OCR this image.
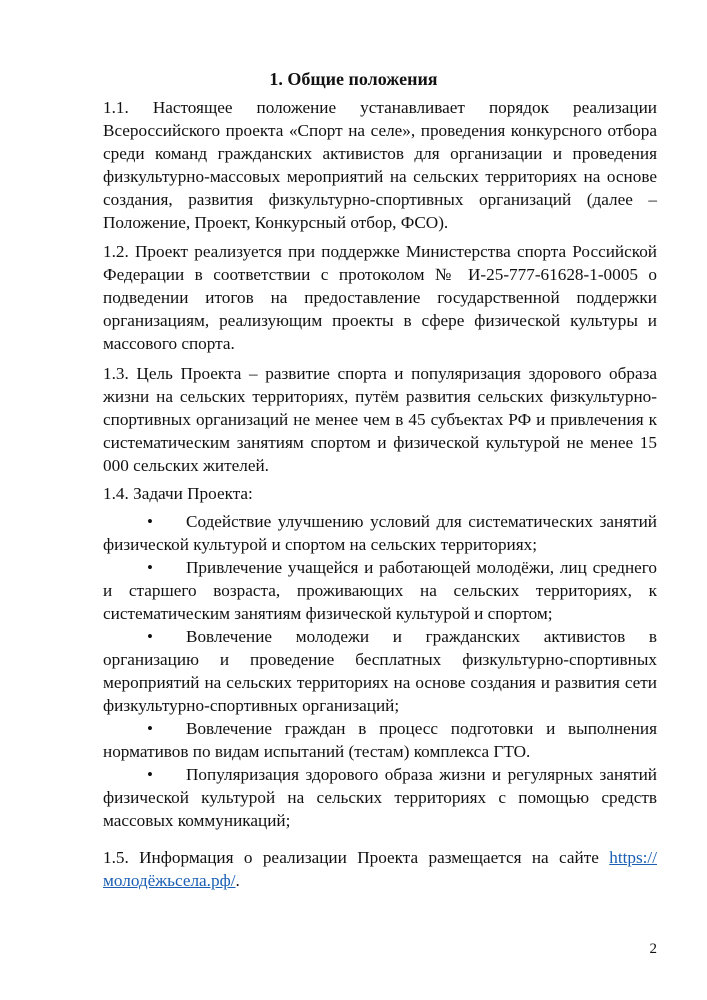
1. Общие положения

1.1. Настоящее положение устанавливает порядок реализации Всероссийского проекта «Спорт на селе», проведения конкурсного отбора среди команд гражданских активистов для организации и проведения физкультурно-массовых мероприятий на сельских территориях на основе создания, развития физкультурно-спортивных организаций (далее – Положение, Проект, Конкурсный отбор, ФСО).

1.2. Проект реализуется при поддержке Министерства спорта Российской Федерации в соответствии с протоколом № И-25-777-61628-1-0005 о подведении итогов на предоставление государственной поддержки организациям, реализующим проекты в сфере физической культуры и массового спорта.

1.3. Цель Проекта – развитие спорта и популяризация здорового образа жизни на сельских территориях, путём развития сельских физкультурно-спортивных организаций не менее чем в 45 субъектах РФ и привлечения к систематическим занятиям спортом и физической культурой не менее 15 000 сельских жителей.

1.4. Задачи Проекта:

• Содействие улучшению условий для систематических занятий физической культурой и спортом на сельских территориях;
• Привлечение учащейся и работающей молодёжи, лиц среднего и старшего возраста, проживающих на сельских территориях, к систематическим занятиям физической культурой и спортом;
• Вовлечение молодежи и гражданских активистов в организацию и проведение бесплатных физкультурно-спортивных мероприятий на сельских территориях на основе создания и развития сети физкультурно-спортивных организаций;
• Вовлечение граждан в процесс подготовки и выполнения нормативов по видам испытаний (тестам) комплекса ГТО.
• Популяризация здорового образа жизни и регулярных занятий физической культурой на сельских территориях с помощью средств массовых коммуникаций;

1.5. Информация о реализации Проекта размещается на сайте https://молодёжьсела.рф/.

2
